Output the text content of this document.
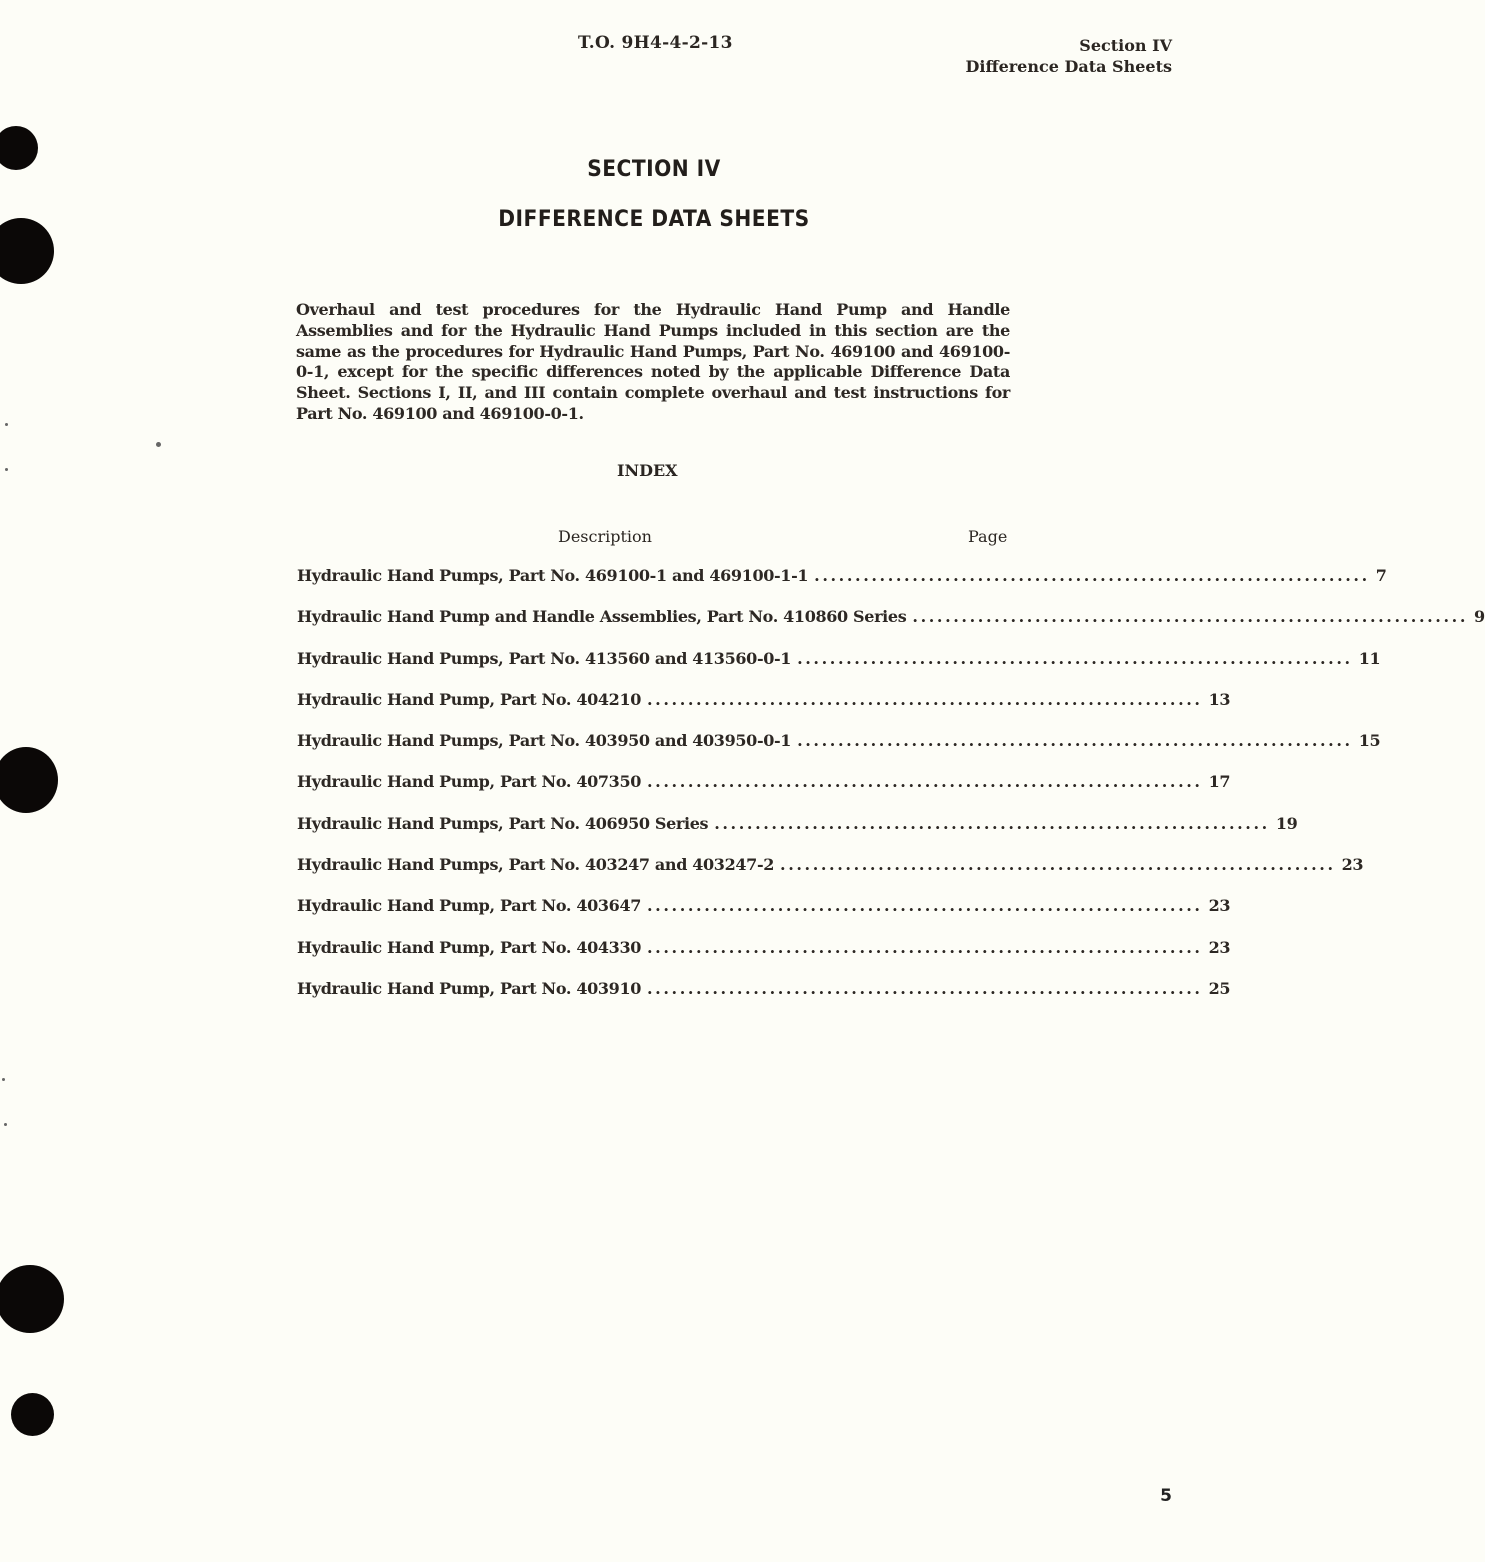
T.O. 9H4-4-2-13	Section IV
Difference Data Sheets
SECTION IV
DIFFERENCE DATA SHEETS

Overhaul and test procedures for the Hydraulic Hand Pump and Handle Assemblies and for the Hydraulic Hand Pumps included in this section are the same as the procedures for Hydraulic Hand Pumps, Part No. 469100 and 469100-0-1, except for the specific differences noted by the applicable Difference Data Sheet. Sections I, II, and III contain complete overhaul and test instructions for Part No. 469100 and 469100-0-1.

INDEX
Description	Page
Hydraulic Hand Pumps, Part No. 469100-1 and 469100-1-1 .................................................................... 7
Hydraulic Hand Pump and Handle Assemblies, Part No. 410860 Series .................................................................... 9
Hydraulic Hand Pumps, Part No. 413560 and 413560-0-1 .................................................................... 11
Hydraulic Hand Pump, Part No. 404210 .................................................................... 13
Hydraulic Hand Pumps, Part No. 403950 and 403950-0-1 .................................................................... 15
Hydraulic Hand Pump, Part No. 407350 .................................................................... 17
Hydraulic Hand Pumps, Part No. 406950 Series .................................................................... 19
Hydraulic Hand Pumps, Part No. 403247 and 403247-2 .................................................................... 23
Hydraulic Hand Pump, Part No. 403647 .................................................................... 23
Hydraulic Hand Pump, Part No. 404330 .................................................................... 23
Hydraulic Hand Pump, Part No. 403910 .................................................................... 25
5
